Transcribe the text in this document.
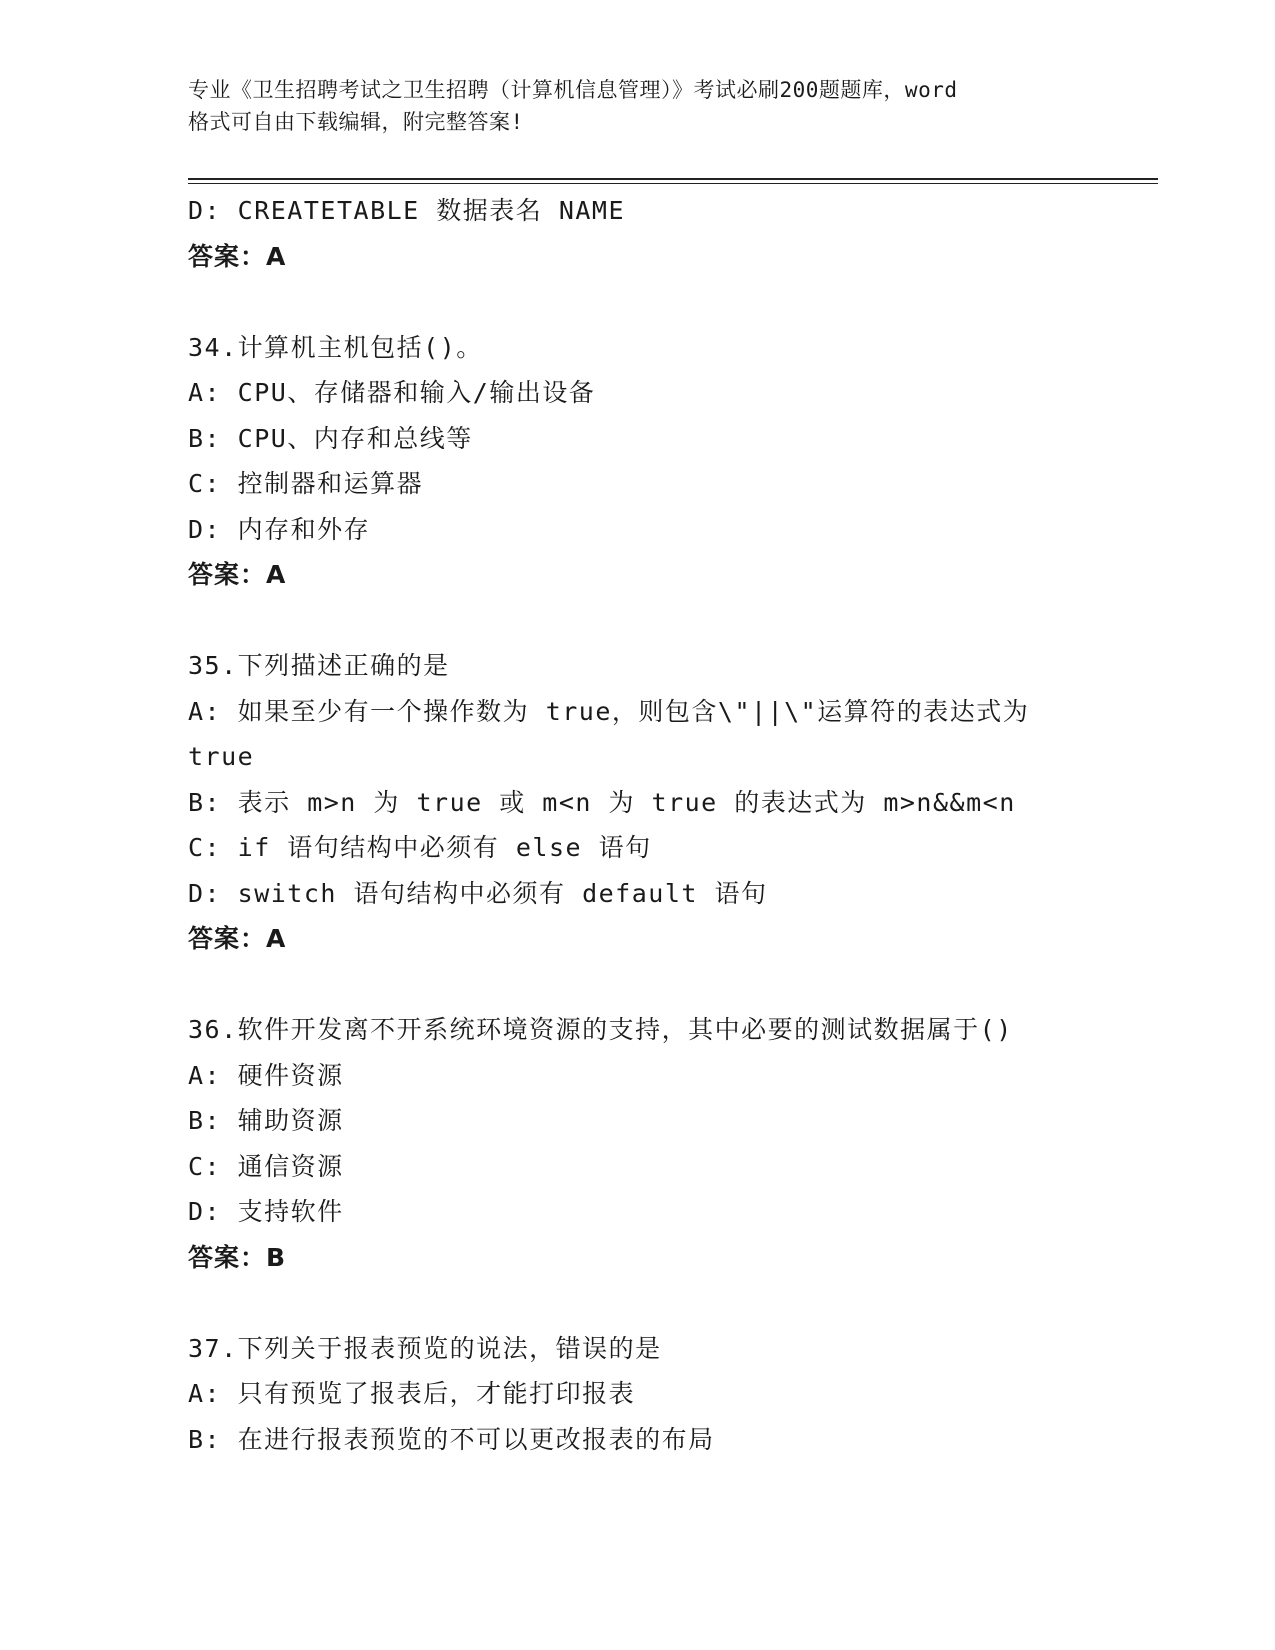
专业《卫生招聘考试之卫生招聘（计算机信息管理）》考试必刷200题题库，word
格式可自由下载编辑，附完整答案!
D: CREATETABLE 数据表名 NAME
答案：A
34.计算机主机包括()。
A: CPU、存储器和输入/输出设备
B: CPU、内存和总线等
C: 控制器和运算器
D: 内存和外存
答案：A
35.下列描述正确的是
A: 如果至少有一个操作数为 true，则包含\"||\"运算符的表达式为
true
B: 表示 m>n 为 true 或 m<n 为 true 的表达式为 m>n&&m<n
C: if 语句结构中必须有 else 语句
D: switch 语句结构中必须有 default 语句
答案：A
36.软件开发离不开系统环境资源的支持，其中必要的测试数据属于()
A: 硬件资源
B: 辅助资源
C: 通信资源
D: 支持软件
答案：B
37.下列关于报表预览的说法，错误的是
A: 只有预览了报表后，才能打印报表
B: 在进行报表预览的不可以更改报表的布局
